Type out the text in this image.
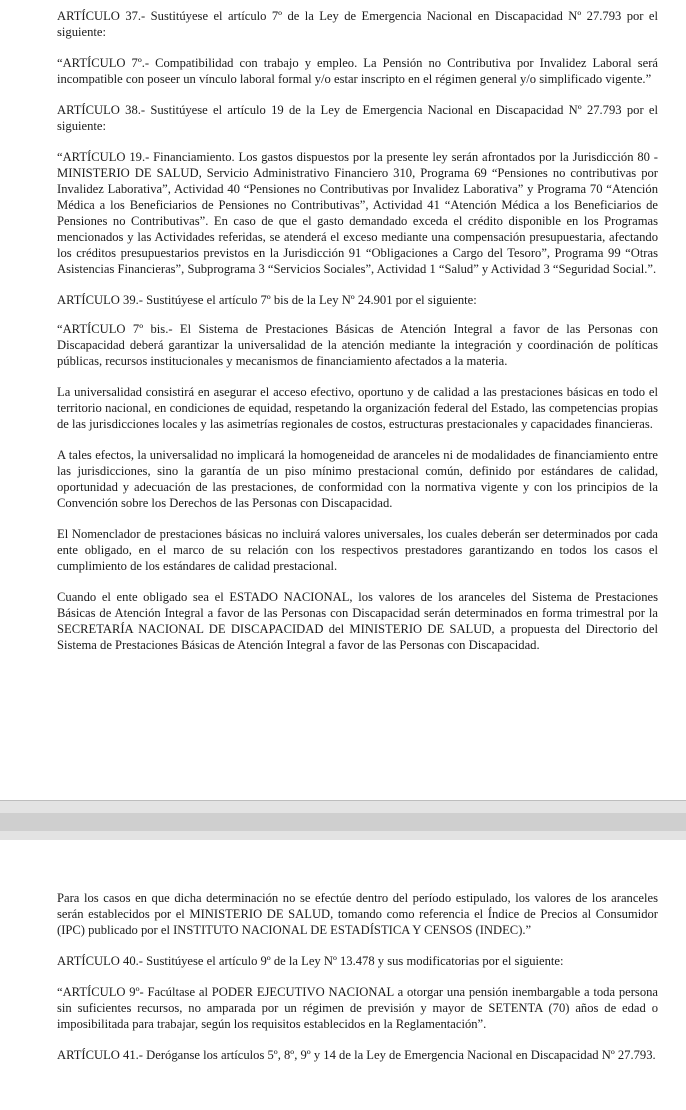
ARTÍCULO 37.- Sustitúyese el artículo 7º de la Ley de Emergencia Nacional en Discapacidad Nº 27.793 por el siguiente:

“ARTÍCULO 7º.- Compatibilidad con trabajo y empleo. La Pensión no Contributiva por Invalidez Laboral será incompatible con poseer un vínculo laboral formal y/o estar inscripto en el régimen general y/o simplificado vigente.”

ARTÍCULO 38.- Sustitúyese el artículo 19 de la Ley de Emergencia Nacional en Discapacidad Nº 27.793 por el siguiente:

“ARTÍCULO 19.- Financiamiento. Los gastos dispuestos por la presente ley serán afrontados por la Jurisdicción 80 - MINISTERIO DE SALUD, Servicio Administrativo Financiero 310, Programa 69 “Pensiones no contributivas por Invalidez Laborativa”, Actividad 40 “Pensiones no Contributivas por Invalidez Laborativa” y Programa 70 “Atención Médica a los Beneficiarios de Pensiones no Contributivas”, Actividad 41 “Atención Médica a los Beneficiarios de Pensiones no Contributivas”. En caso de que el gasto demandado exceda el crédito disponible en los Programas mencionados y las Actividades referidas, se atenderá el exceso mediante una compensación presupuestaria, afectando los créditos presupuestarios previstos en la Jurisdicción 91 “Obligaciones a Cargo del Tesoro”, Programa 99 “Otras Asistencias Financieras”, Subprograma 3 “Servicios Sociales”, Actividad 1 “Salud” y Actividad 3 “Seguridad Social.”.

ARTÍCULO 39.- Sustitúyese el artículo 7º bis de la Ley Nº 24.901 por el siguiente:

“ARTÍCULO 7º bis.- El Sistema de Prestaciones Básicas de Atención Integral a favor de las Personas con Discapacidad deberá garantizar la universalidad de la atención mediante la integración y coordinación de políticas públicas, recursos institucionales y mecanismos de financiamiento afectados a la materia.

La universalidad consistirá en asegurar el acceso efectivo, oportuno y de calidad a las prestaciones básicas en todo el territorio nacional, en condiciones de equidad, respetando la organización federal del Estado, las competencias propias de las jurisdicciones locales y las asimetrías regionales de costos, estructuras prestacionales y capacidades financieras.

A tales efectos, la universalidad no implicará la homogeneidad de aranceles ni de modalidades de financiamiento entre las jurisdicciones, sino la garantía de un piso mínimo prestacional común, definido por estándares de calidad, oportunidad y adecuación de las prestaciones, de conformidad con la normativa vigente y con los principios de la Convención sobre los Derechos de las Personas con Discapacidad.

El Nomenclador de prestaciones básicas no incluirá valores universales, los cuales deberán ser determinados por cada ente obligado, en el marco de su relación con los respectivos prestadores garantizando en todos los casos el cumplimiento de los estándares de calidad prestacional.

Cuando el ente obligado sea el ESTADO NACIONAL, los valores de los aranceles del Sistema de Prestaciones Básicas de Atención Integral a favor de las Personas con Discapacidad serán determinados en forma trimestral por la SECRETARÍA NACIONAL DE DISCAPACIDAD del MINISTERIO DE SALUD, a propuesta del Directorio del Sistema de Prestaciones Básicas de Atención Integral a favor de las Personas con Discapacidad.

Para los casos en que dicha determinación no se efectúe dentro del período estipulado, los valores de los aranceles serán establecidos por el MINISTERIO DE SALUD, tomando como referencia el Índice de Precios al Consumidor (IPC) publicado por el INSTITUTO NACIONAL DE ESTADÍSTICA Y CENSOS (INDEC).”

ARTÍCULO 40.- Sustitúyese el artículo 9º de la Ley Nº 13.478 y sus modificatorias por el siguiente:

“ARTÍCULO 9º- Facúltase al PODER EJECUTIVO NACIONAL a otorgar una pensión inembargable a toda persona sin suficientes recursos, no amparada por un régimen de previsión y mayor de SETENTA (70) años de edad o imposibilitada para trabajar, según los requisitos establecidos en la Reglamentación”.

ARTÍCULO 41.- Deróganse los artículos 5º, 8º, 9º y 14 de la Ley de Emergencia Nacional en Discapacidad Nº 27.793.
